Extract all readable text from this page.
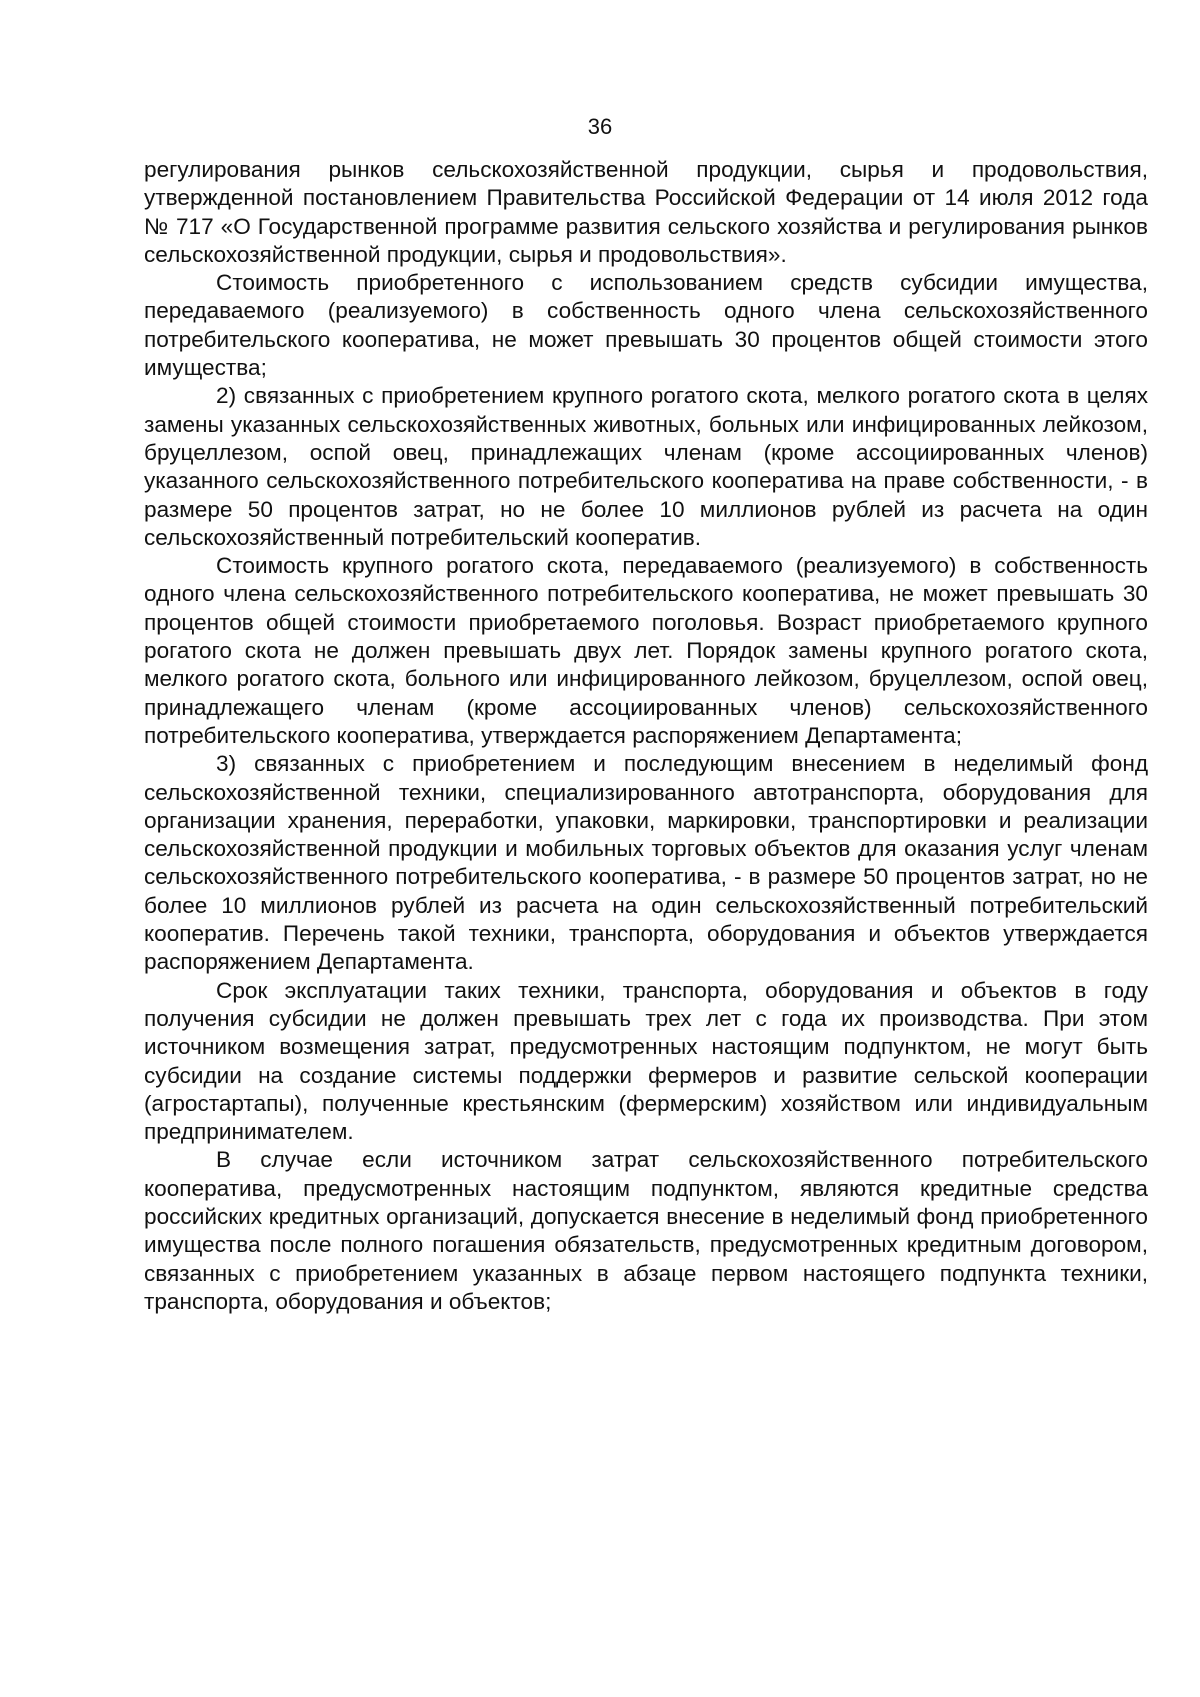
36

регулирования рынков сельскохозяйственной продукции, сырья и продовольствия, утвержденной постановлением Правительства Российской Федерации от 14 июля 2012 года № 717 «О Государственной программе развития сельского хозяйства и регулирования рынков сельскохозяйственной продукции, сырья и продовольствия».

Стоимость приобретенного с использованием средств субсидии имущества, передаваемого (реализуемого) в собственность одного члена сельскохозяйственного потребительского кооператива, не может превышать 30 процентов общей стоимости этого имущества;

2) связанных с приобретением крупного рогатого скота, мелкого рогатого скота в целях замены указанных сельскохозяйственных животных, больных или инфицированных лейкозом, бруцеллезом, оспой овец, принадлежащих членам (кроме ассоциированных членов) указанного сельскохозяйственного потребительского кооператива на праве собственности, - в размере 50 процентов затрат, но не более 10 миллионов рублей из расчета на один сельскохозяйственный потребительский кооператив.

Стоимость крупного рогатого скота, передаваемого (реализуемого) в собственность одного члена сельскохозяйственного потребительского кооператива, не может превышать 30 процентов общей стоимости приобретаемого поголовья. Возраст приобретаемого крупного рогатого скота не должен превышать двух лет. Порядок замены крупного рогатого скота, мелкого рогатого скота, больного или инфицированного лейкозом, бруцеллезом, оспой овец, принадлежащего членам (кроме ассоциированных членов) сельскохозяйственного потребительского кооператива, утверждается распоряжением Департамента;

3) связанных с приобретением и последующим внесением в неделимый фонд сельскохозяйственной техники, специализированного автотранспорта, оборудования для организации хранения, переработки, упаковки, маркировки, транспортировки и реализации сельскохозяйственной продукции и мобильных торговых объектов для оказания услуг членам сельскохозяйственного потребительского кооператива, - в размере 50 процентов затрат, но не более 10 миллионов рублей из расчета на один сельскохозяйственный потребительский кооператив. Перечень такой техники, транспорта, оборудования и объектов утверждается распоряжением Департамента.

Срок эксплуатации таких техники, транспорта, оборудования и объектов в году получения субсидии не должен превышать трех лет с года их производства. При этом источником возмещения затрат, предусмотренных настоящим подпунктом, не могут быть субсидии на создание системы поддержки фермеров и развитие сельской кооперации (агростартапы), полученные крестьянским (фермерским) хозяйством или индивидуальным предпринимателем.

В случае если источником затрат сельскохозяйственного потребительского кооператива, предусмотренных настоящим подпунктом, являются кредитные средства российских кредитных организаций, допускается внесение в неделимый фонд приобретенного имущества после полного погашения обязательств, предусмотренных кредитным договором, связанных с приобретением указанных в абзаце первом настоящего подпункта техники, транспорта, оборудования и объектов;
